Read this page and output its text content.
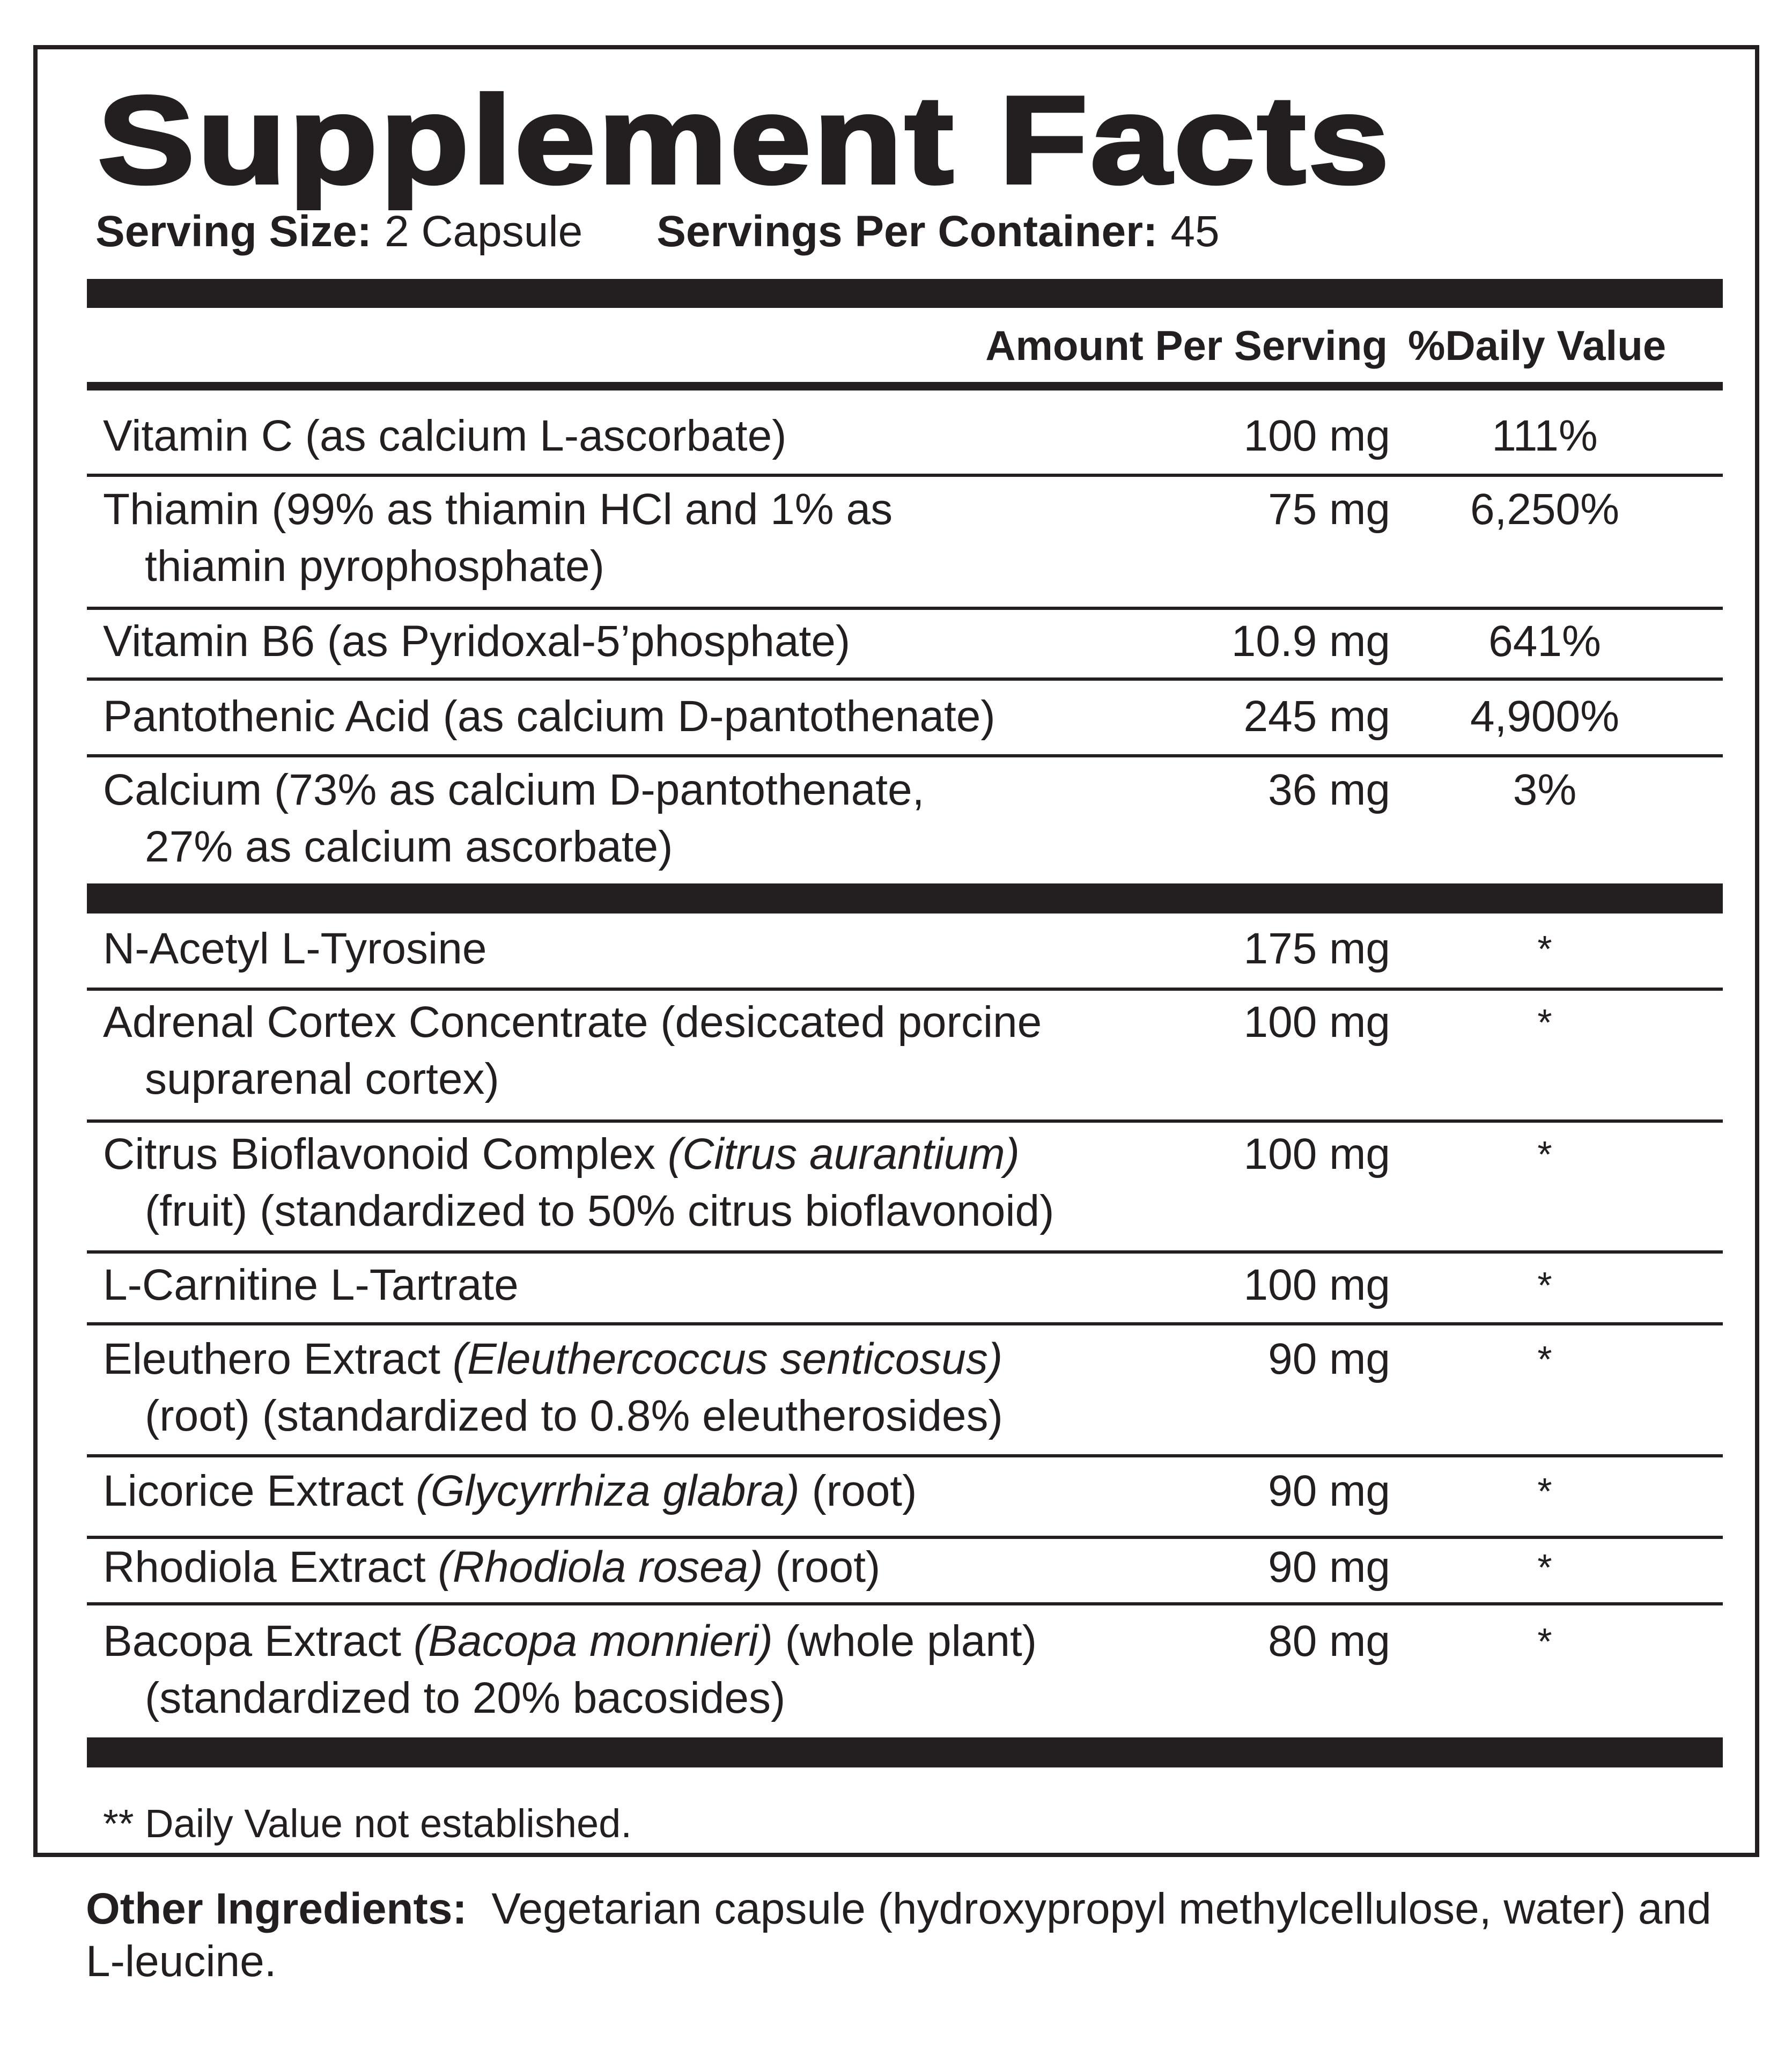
Supplement Facts
Serving Size: 2 Capsule Servings Per Container: 45
Amount Per Serving %Daily Value
Vitamin C (as calcium L-ascorbate)	100 mg	111%
Thiamin (99% as thiamin HCl and 1% as
thiamin pyrophosphate)
75 mg	6,250%
Vitamin B6 (as Pyridoxal-5’phosphate)	10.9 mg	641%
Pantothenic Acid (as calcium D-pantothenate)	245 mg	4,900%
Calcium (73% as calcium D-pantothenate,
27% as calcium ascorbate)
36 mg	3%
N-Acetyl L-Tyrosine	175 mg	*
Adrenal Cortex Concentrate (desiccated porcine
suprarenal cortex)
100 mg	*
Citrus Bioflavonoid Complex (Citrus aurantium)
(fruit) (standardized to 50% citrus bioflavonoid)
100 mg	*
L-Carnitine L-Tartrate	100 mg	*
Eleuthero Extract (Eleuthercoccus senticosus)
(root) (standardized to 0.8% eleutherosides)
90 mg	*
Licorice Extract (Glycyrrhiza glabra) (root)	90 mg	*
Rhodiola Extract (Rhodiola rosea) (root)	90 mg	*
Bacopa Extract (Bacopa monnieri) (whole plant)
(standardized to 20% bacosides)
80 mg	*
** Daily Value not established.
Other Ingredients: Vegetarian capsule (hydroxypropyl methylcellulose, water) and L-leucine.
